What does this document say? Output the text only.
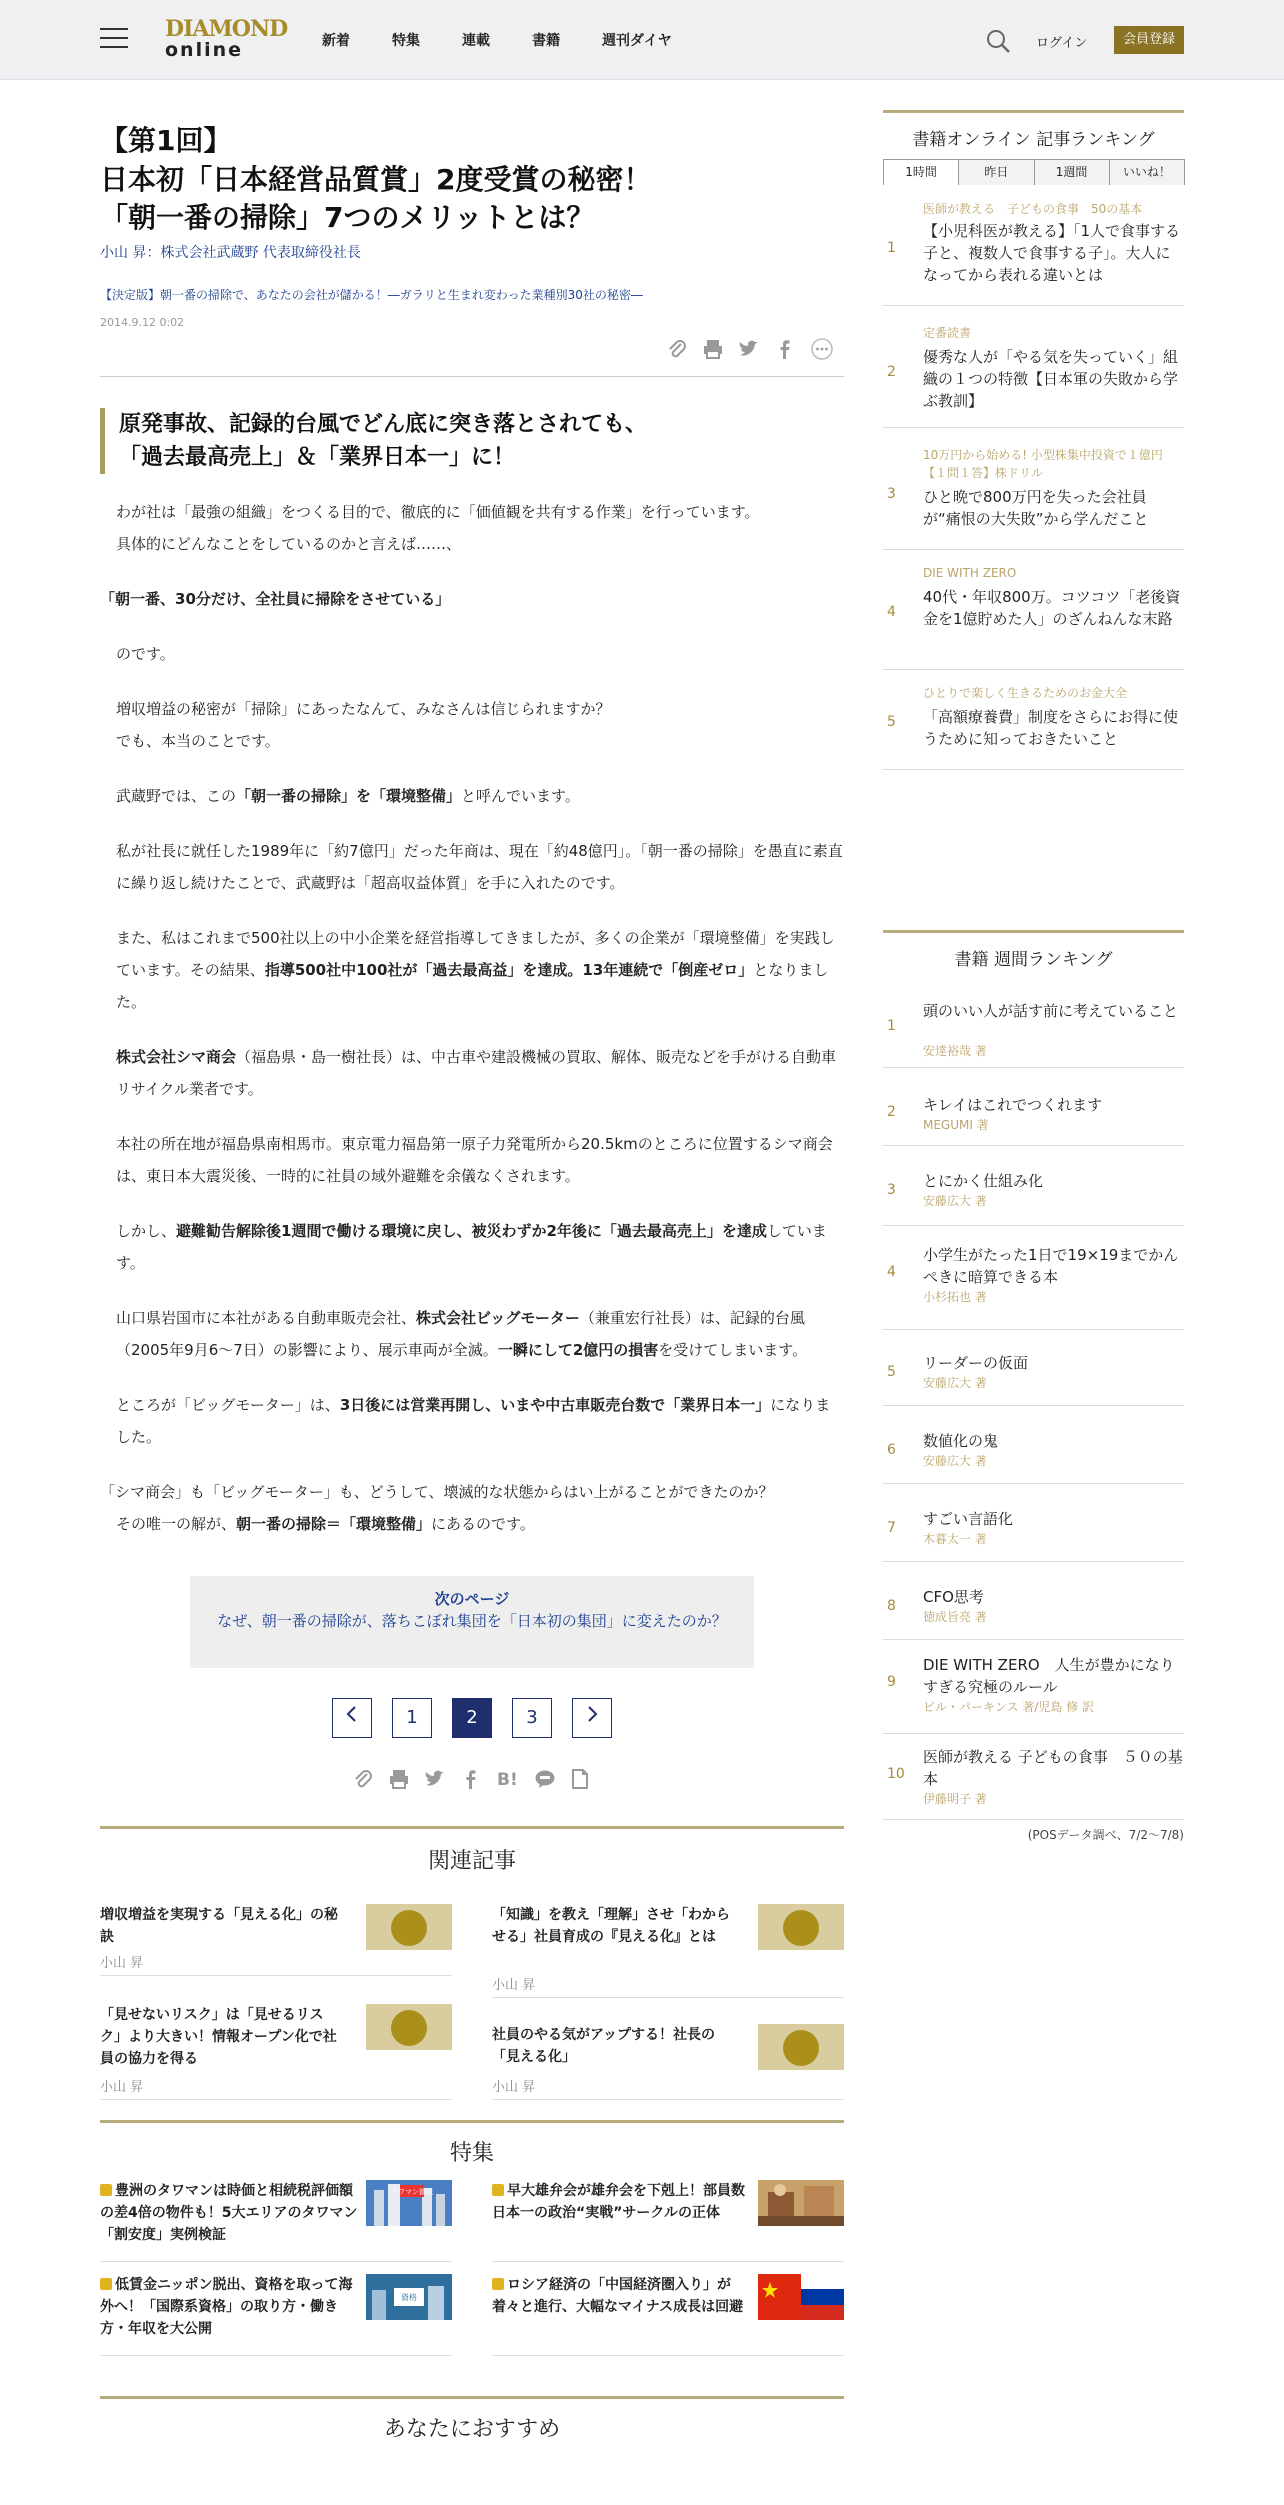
DIAMOND
online	新着	特集	連載	書籍	週刊ダイヤ	ログイン	会員登録
【第1回】
日本初「日本経営品質賞」2度受賞の秘密！
「朝一番の掃除」7つのメリットとは？
小山 昇：株式会社武蔵野 代表取締役社長
【決定版】朝一番の掃除で、あなたの会社が儲かる！―ガラリと生まれ変わった業種別30社の秘密―
2014.9.12 0:02
原発事故、記録的台風でどん底に突き落とされても、
「過去最高売上」＆「業界日本一」に！

わが社は「最強の組織」をつくる目的で、徹底的に「価値観を共有する作業」を行っています。
具体的にどんなことをしているのかと言えば……、

「朝一番、30分だけ、全社員に掃除をさせている」

のです。

増収増益の秘密が「掃除」にあったなんて、みなさんは信じられますか？
でも、本当のことです。

武蔵野では、この「朝一番の掃除」を「環境整備」と呼んでいます。

私が社長に就任した1989年に「約7億円」だった年商は、現在「約48億円」。「朝一番の掃除」を愚直に素直に繰り返し続けたことで、武蔵野は「超高収益体質」を手に入れたのです。

また、私はこれまで500社以上の中小企業を経営指導してきましたが、多くの企業が「環境整備」を実践しています。その結果、指導500社中100社が「過去最高益」を達成。13年連続で「倒産ゼロ」となりました。

株式会社シマ商会（福島県・島一樹社長）は、中古車や建設機械の買取、解体、販売などを手がける自動車リサイクル業者です。

本社の所在地が福島県南相馬市。東京電力福島第一原子力発電所から20.5kmのところに位置するシマ商会は、東日本大震災後、一時的に社員の域外避難を余儀なくされます。

しかし、避難勧告解除後1週間で働ける環境に戻し、被災わずか2年後に「過去最高売上」を達成しています。

山口県岩国市に本社がある自動車販売会社、株式会社ビッグモーター（兼重宏行社長）は、記録的台風（2005年9月6〜7日）の影響により、展示車両が全滅。一瞬にして2億円の損害を受けてしまいます。

ところが「ビッグモーター」は、3日後には営業再開し、いまや中古車販売台数で「業界日本一」になりました。

「シマ商会」も「ビッグモーター」も、どうして、壊滅的な状態からはい上がることができたのか？
その唯一の解が、朝一番の掃除＝「環境整備」にあるのです。

次のページ
なぜ、朝一番の掃除が、落ちこぼれ集団を「日本初の集団」に変えたのか？
1	2	3
B!
関連記事
増収増益を実現する「見える化」の秘訣
小山 昇
「知識」を教え「理解」させ「わからせる」社員育成の『見える化』とは
小山 昇
「見せないリスク」は「見せるリスク」より大きい！情報オープン化で社員の協力を得る
小山 昇
社員のやる気がアップする！社長の「見える化」
小山 昇
特集
豊洲のタワマンは時価と相続税評価額の差4倍の物件も！5大エリアのタワマン「割安度」実例検証
タワマン節税	早大雄弁会が雄弁会を下剋上！部員数日本一の政治“実戦”サークルの正体
低賃金ニッポン脱出、資格を取って海外へ！「国際系資格」の取り方・働き方・年収を大公開
資格
ロシア経済の「中国経済圏入り」が着々と進行、大幅なマイナス成長は回避
あなたにおすすめ
書籍オンライン 記事ランキング
1時間	昨日	1週間	いいね！
1
医師が教える　子どもの食事　50の基本
【小児科医が教える】「1人で食事する子と、複数人で食事する子」。大人になってから表れる違いとは
2
定番読書
優秀な人が「やる気を失っていく」組織の１つの特徴【日本軍の失敗から学ぶ教訓】
3
10万円から始める! 小型株集中投資で１億円【１問１答】株ドリル
ひと晩で800万円を失った会社員が“痛恨の大失敗”から学んだこと
4
DIE WITH ZERO
40代・年収800万。コツコツ「老後資金を1億貯めた人」のざんねんな末路
5
ひとりで楽しく生きるためのお金大全
「高額療養費」制度をさらにお得に使うために知っておきたいこと
書籍 週間ランキング
1
頭のいい人が話す前に考えていること
安達裕哉 著
2 キレイはこれでつくれます
MEGUMI 著
3 とにかく仕組み化
安藤広大 著
4
小学生がたった1日で19×19までかんぺきに暗算できる本
小杉拓也 著
5 リーダーの仮面
安藤広大 著
6 数値化の鬼
安藤広大 著
7 すごい言語化
木暮太一 著
8 CFO思考
徳成旨亮 著
9
DIE WITH ZERO　人生が豊かになりすぎる究極のルール
ビル・パーキンス 著/児島 修 訳
10
医師が教える 子どもの食事　５０の基本
伊藤明子 著
(POSデータ調べ、7/2〜7/8)
